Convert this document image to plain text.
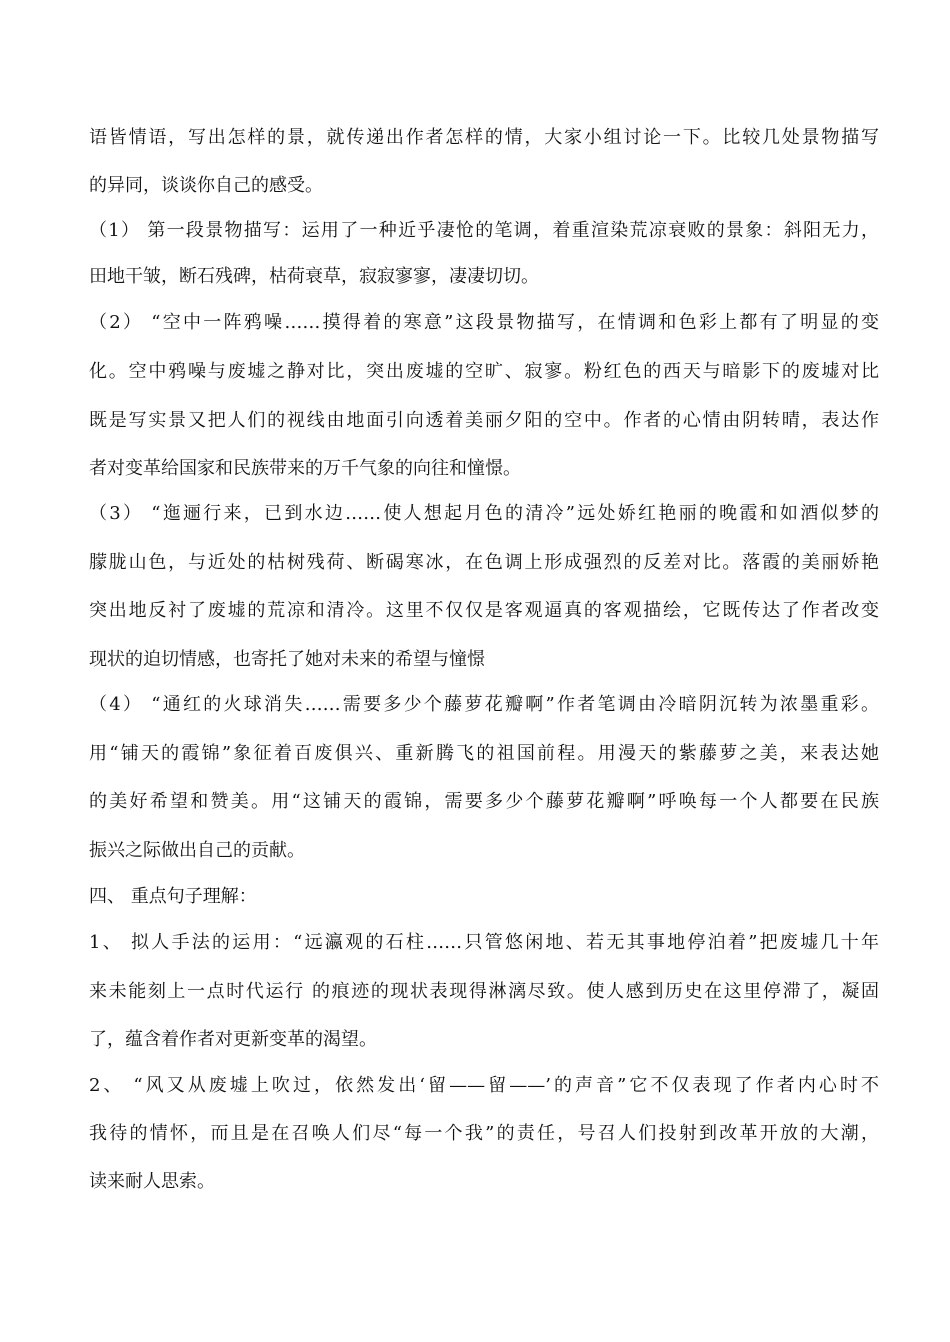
语皆情语，写出怎样的景，就传递出作者怎样的情，大家小组讨论一下。比较几处景物描写
的异同，谈谈你自己的感受。
（1） 第一段景物描写：运用了一种近乎凄怆的笔调，着重渲染荒凉衰败的景象：斜阳无力，
田地干皱，断石残碑，枯荷衰草，寂寂寥寥，凄凄切切。
（2） “空中一阵鸦噪……摸得着的寒意”这段景物描写，在情调和色彩上都有了明显的变
化。空中鸦噪与废墟之静对比，突出废墟的空旷、寂寥。粉红色的西天与暗影下的废墟对比
既是写实景又把人们的视线由地面引向透着美丽夕阳的空中。作者的心情由阴转晴，表达作
者对变革给国家和民族带来的万千气象的向往和憧憬。
（3） “迤逦行来，已到水边……使人想起月色的清冷”远处娇红艳丽的晚霞和如酒似梦的
朦胧山色，与近处的枯树残荷、断碣寒冰，在色调上形成强烈的反差对比。落霞的美丽娇艳
突出地反衬了废墟的荒凉和清冷。这里不仅仅是客观逼真的客观描绘，它既传达了作者改变
现状的迫切情感，也寄托了她对未来的希望与憧憬
（4） “通红的火球消失……需要多少个藤萝花瓣啊”作者笔调由冷暗阴沉转为浓墨重彩。
用“铺天的霞锦”象征着百废俱兴、重新腾飞的祖国前程。用漫天的紫藤萝之美，来表达她
的美好希望和赞美。用“这铺天的霞锦，需要多少个藤萝花瓣啊”呼唤每一个人都要在民族
振兴之际做出自己的贡献。
四、 重点句子理解：
1、 拟人手法的运用：“远瀛观的石柱……只管悠闲地、若无其事地停泊着”把废墟几十年
来未能刻上一点时代运行 的痕迹的现状表现得淋漓尽致。使人感到历史在这里停滞了，凝固
了，蕴含着作者对更新变革的渴望。
2、 “风又从废墟上吹过，依然发出‘留——留——’的声音”它不仅表现了作者内心时不
我待的情怀，而且是在召唤人们尽“每一个我”的责任，号召人们投射到改革开放的大潮，
读来耐人思索。
